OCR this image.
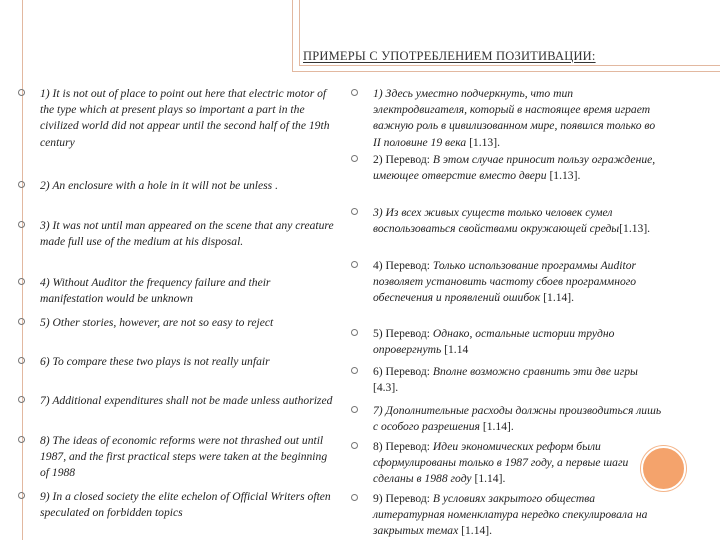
ПРИМЕРЫ С УПОТРЕБЛЕНИЕМ ПОЗИТИВАЦИИ:
1) It is not out of place to point out here that electric motor of the type which at present plays so important a part in the civilized world did not appear until the second half of the 19th century
2) An enclosure with a hole in it will not be unless .
3) It was not until man appeared on the scene that any creature made full use of the medium at his disposal.
4) Without Auditor the frequency failure and their manifestation would be unknown
5) Other stories, however, are not so easy to reject
6) To compare these two plays is not really unfair
7) Additional expenditures shall not be made unless authorized
8) The ideas of economic reforms were not thrashed out until 1987, and the first practical steps were taken at the beginning of 1988
9) In a closed society the elite echelon of Official Writers often speculated on forbidden topics
1) Здесь уместно подчеркнуть, что тип электродвигателя, который в настоящее время играет важную роль в цивилизованном мире, появился только во II половине 19 века [1.13].
2) Перевод: В этом случае приносит пользу ограждение, имеющее отверстие вместо двери [1.13].
3) Из всех живых существ только человек сумел воспользоваться свойствами окружающей среды[1.13].
4) Перевод: Только использование программы Auditor позволяет установить частоту сбоев программного обеспечения и проявлений ошибок [1.14].
5) Перевод: Однако, остальные истории трудно опровергнуть [1.14
6) Перевод: Вполне возможно сравнить эти две игры [4.3].
7) Дополнительные расходы должны производиться лишь с особого разрешения [1.14].
8) Перевод: Идеи экономических реформ были сформулированы только в 1987 году, а первые шаги сделаны в 1988 году [1.14].
9) Перевод: В условиях закрытого общества литературная номенклатура нередко спекулировала на закрытых темах [1.14].
